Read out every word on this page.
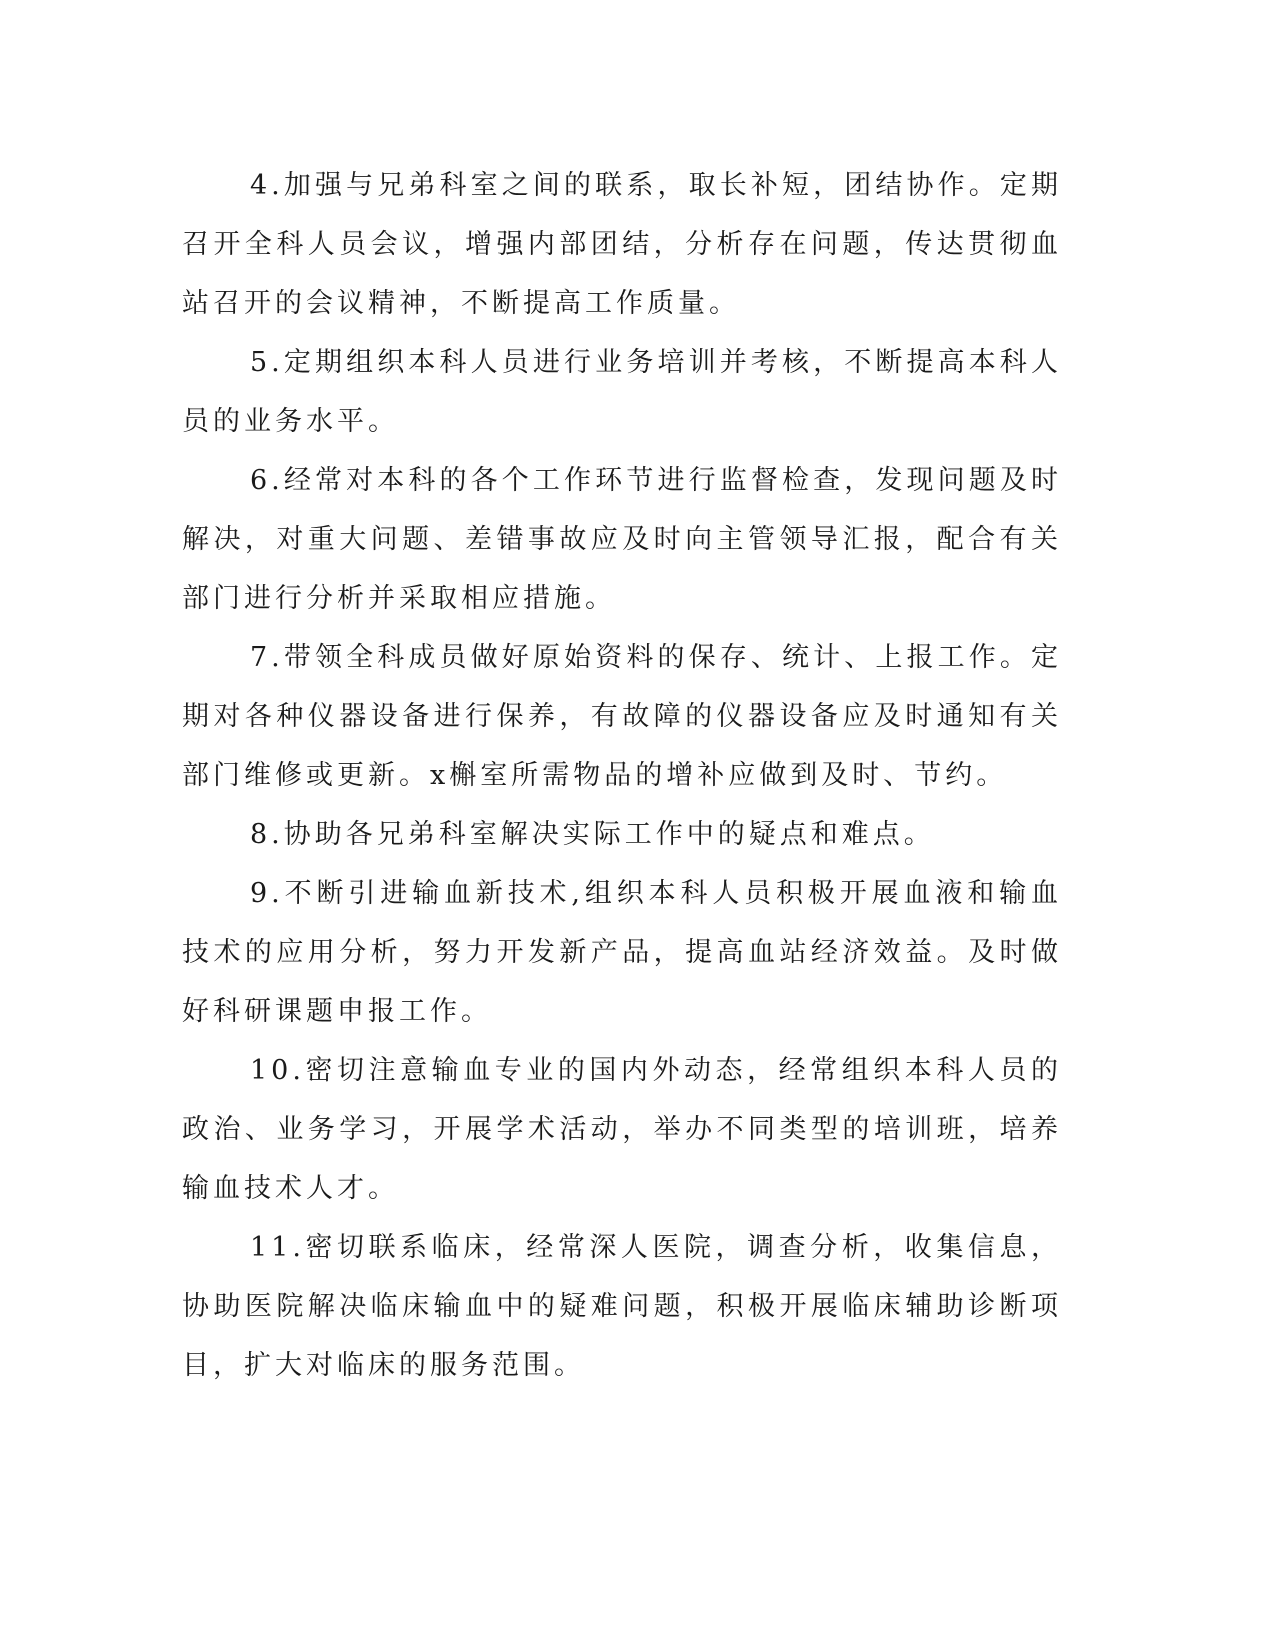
4.加强与兄弟科室之间的联系，取长补短，团结协作。定期召开全科人员会议，增强内部团结，分析存在问题，传达贯彻血站召开的会议精神，不断提高工作质量。

5.定期组织本科人员进行业务培训并考核，不断提高本科人员的业务水平。

6.经常对本科的各个工作环节进行监督检查，发现问题及时解决，对重大问题、差错事故应及时向主管领导汇报，配合有关部门进行分析并采取相应措施。

7.带领全科成员做好原始资料的保存、统计、上报工作。定期对各种仪器设备进行保养，有故障的仪器设备应及时通知有关部门维修或更新。x槲室所需物品的增补应做到及时、节约。

8.协助各兄弟科室解决实际工作中的疑点和难点。

9.不断引进输血新技术,组织本科人员积极开展血液和输血技术的应用分析，努力开发新产品，提高血站经济效益。及时做好科研课题申报工作。

10.密切注意输血专业的国内外动态，经常组织本科人员的政治、业务学习，开展学术活动，举办不同类型的培训班，培养输血技术人才。

11.密切联系临床，经常深人医院，调查分析，收集信息，协助医院解决临床输血中的疑难问题，积极开展临床辅助诊断项目，扩大对临床的服务范围。
